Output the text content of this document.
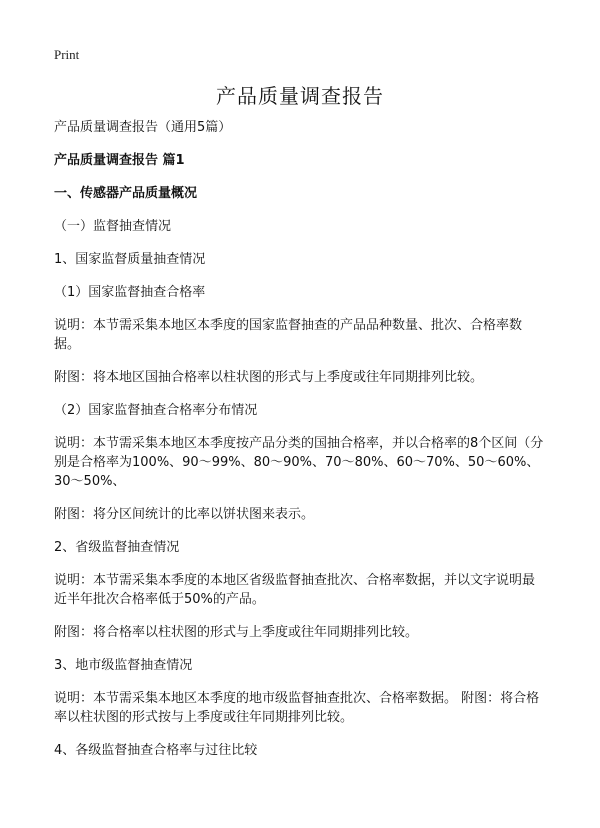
Print
产品质量调查报告

产品质量调查报告（通用5篇）

产品质量调查报告 篇1

一、传感器产品质量概况

（一）监督抽查情况

1、国家监督质量抽查情况

（1）国家监督抽查合格率

说明：本节需采集本地区本季度的国家监督抽查的产品品种数量、批次、合格率数据。

附图：将本地区国抽合格率以柱状图的形式与上季度或往年同期排列比较。

（2）国家监督抽查合格率分布情况

说明：本节需采集本地区本季度按产品分类的国抽合格率，并以合格率的8个区间（分别是合格率为100%、90～99%、80～90%、70～80%、60～70%、50～60%、30～50%、

附图：将分区间统计的比率以饼状图来表示。

2、省级监督抽查情况

说明：本节需采集本季度的本地区省级监督抽查批次、合格率数据，并以文字说明最近半年批次合格率低于50%的产品。

附图：将合格率以柱状图的形式与上季度或往年同期排列比较。

3、地市级监督抽查情况

说明：本节需采集本地区本季度的地市级监督抽查批次、合格率数据。 附图：将合格率以柱状图的形式按与上季度或往年同期排列比较。

4、各级监督抽查合格率与过往比较
